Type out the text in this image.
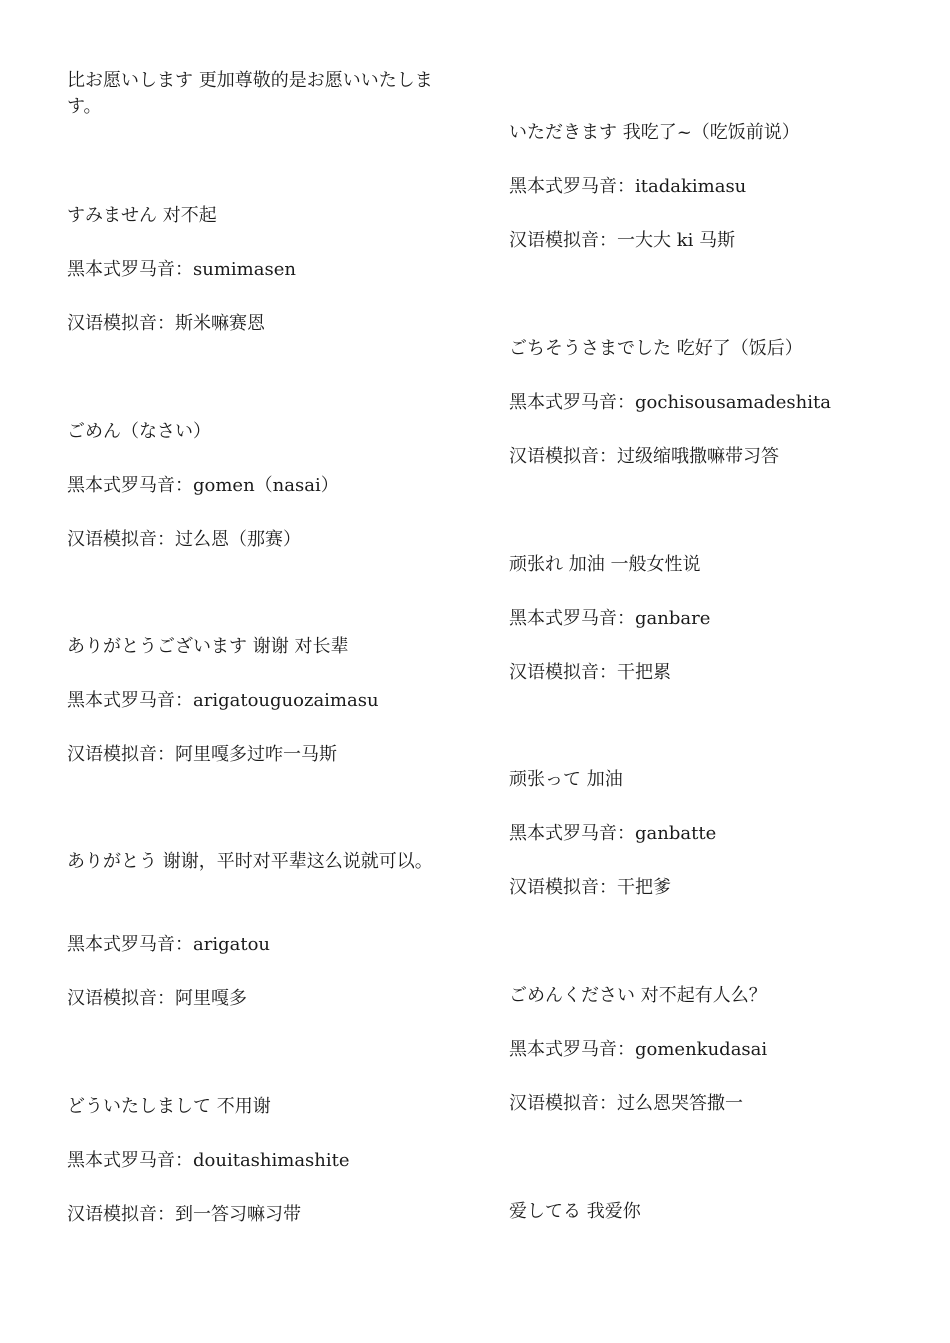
比お愿いします 更加尊敬的是お愿いいたします。
すみません 对不起
黑本式罗马音：sumimasen
汉语模拟音：斯米嘛赛恩
ごめん（なさい）
黑本式罗马音：gomen（nasai）
汉语模拟音：过么恩（那赛）
ありがとうございます 谢谢 对长辈
黑本式罗马音：arigatouguozaimasu
汉语模拟音：阿里嘎多过咋一马斯
ありがとう 谢谢，平时对平辈这么说就可以。
黑本式罗马音：arigatou
汉语模拟音：阿里嘎多
どういたしまして 不用谢
黑本式罗马音：douitashimashite
汉语模拟音：到一答习嘛习带
いただきます 我吃了~（吃饭前说）
黑本式罗马音：itadakimasu
汉语模拟音：一大大 ki 马斯
ごちそうさまでした 吃好了（饭后）
黑本式罗马音：gochisousamadeshita
汉语模拟音：过级缩哦撒嘛带习答
顽张れ 加油 一般女性说
黑本式罗马音：ganbare
汉语模拟音：干把累
顽张って 加油
黑本式罗马音：ganbatte
汉语模拟音：干把爹
ごめんください 对不起有人么？
黑本式罗马音：gomenkudasai
汉语模拟音：过么恩哭答撒一
爱してる 我爱你
